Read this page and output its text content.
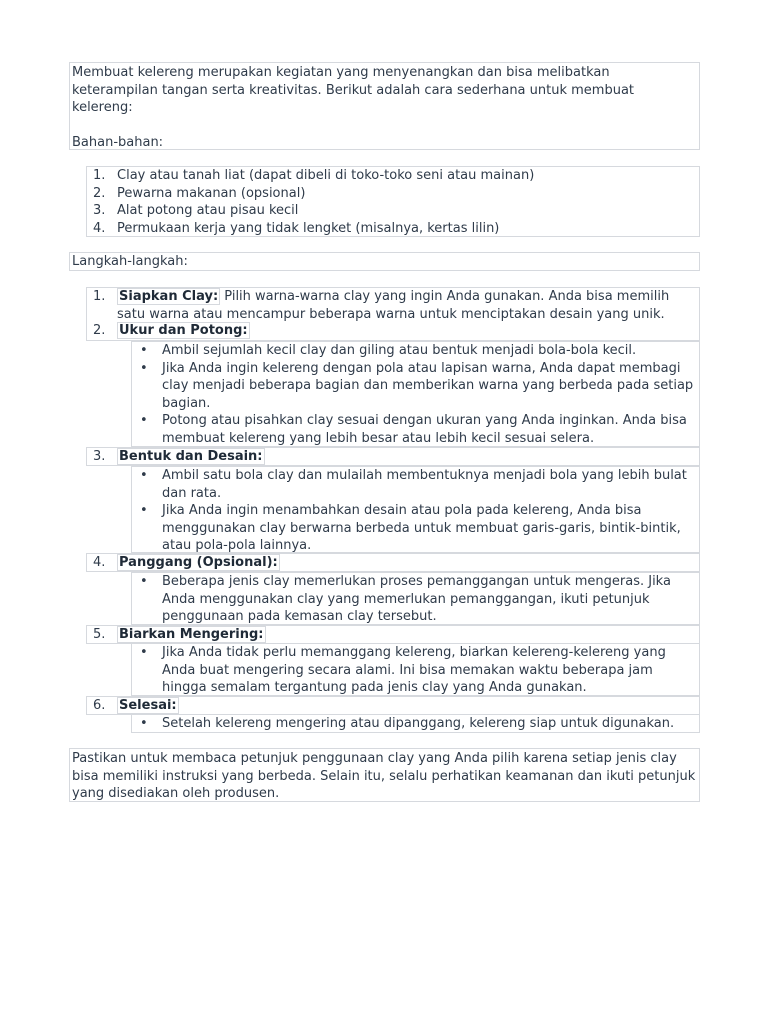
Membuat kelereng merupakan kegiatan yang menyenangkan dan bisa melibatkan keterampilan tangan serta kreativitas. Berikut adalah cara sederhana untuk membuat kelereng:

Bahan-bahan:

1. Clay atau tanah liat (dapat dibeli di toko-toko seni atau mainan)
2. Pewarna makanan (opsional)
3. Alat potong atau pisau kecil
4. Permukaan kerja yang tidak lengket (misalnya, kertas lilin)
Langkah-langkah:
1.	Siapkan Clay: Pilih warna-warna clay yang ingin Anda gunakan. Anda bisa memilih satu warna atau mencampur beberapa warna untuk menciptakan desain yang unik.
2.	Ukur dan Potong:
• Ambil sejumlah kecil clay dan giling atau bentuk menjadi bola-bola kecil.
• Jika Anda ingin kelereng dengan pola atau lapisan warna, Anda dapat membagi clay menjadi beberapa bagian dan memberikan warna yang berbeda pada setiap bagian.
• Potong atau pisahkan clay sesuai dengan ukuran yang Anda inginkan. Anda bisa membuat kelereng yang lebih besar atau lebih kecil sesuai selera.
3.	Bentuk dan Desain:
• Ambil satu bola clay dan mulailah membentuknya menjadi bola yang lebih bulat dan rata.
• Jika Anda ingin menambahkan desain atau pola pada kelereng, Anda bisa menggunakan clay berwarna berbeda untuk membuat garis-garis, bintik-bintik, atau pola-pola lainnya.
4.	Panggang (Opsional):
• Beberapa jenis clay memerlukan proses pemanggangan untuk mengeras. Jika Anda menggunakan clay yang memerlukan pemanggangan, ikuti petunjuk penggunaan pada kemasan clay tersebut.
5.	Biarkan Mengering:
• Jika Anda tidak perlu memanggang kelereng, biarkan kelereng-kelereng yang Anda buat mengering secara alami. Ini bisa memakan waktu beberapa jam hingga semalam tergantung pada jenis clay yang Anda gunakan.
6.	Selesai:
• Setelah kelereng mengering atau dipanggang, kelereng siap untuk digunakan.
Pastikan untuk membaca petunjuk penggunaan clay yang Anda pilih karena setiap jenis clay bisa memiliki instruksi yang berbeda. Selain itu, selalu perhatikan keamanan dan ikuti petunjuk yang disediakan oleh produsen.
